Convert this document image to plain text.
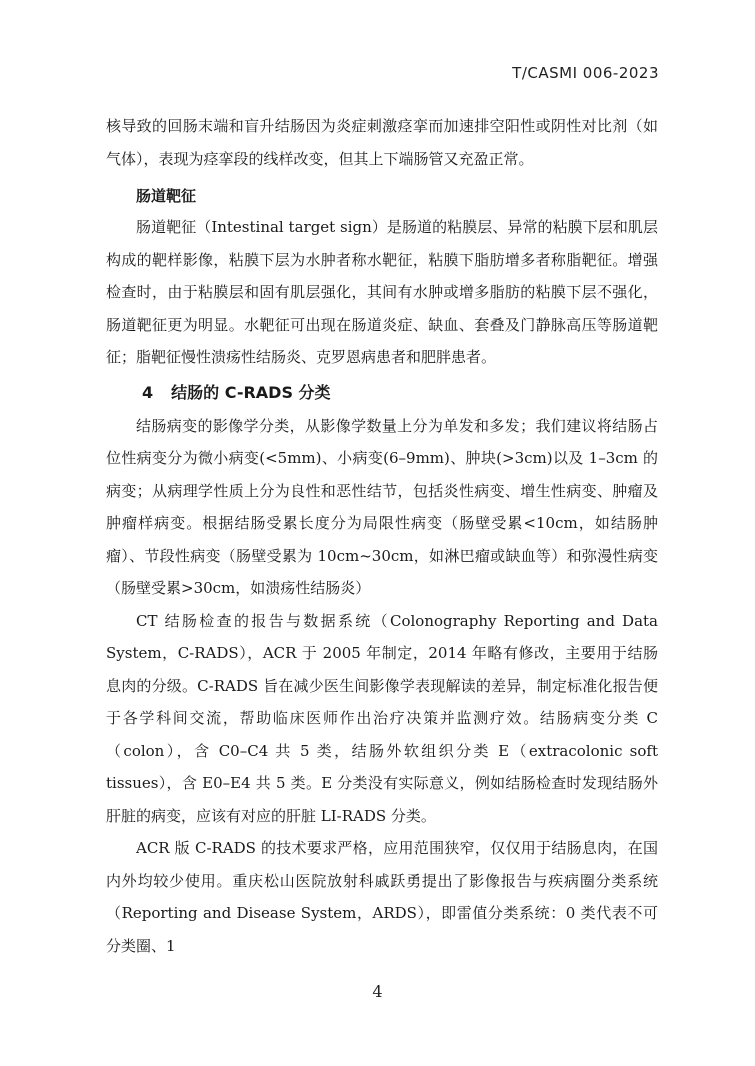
T/CASMI 006-2023

核导致的回肠末端和盲升结肠因为炎症刺激痉挛而加速排空阳性或阴性对比剂（如气体），表现为痉挛段的线样改变，但其上下端肠管又充盈正常。

肠道靶征

肠道靶征（Intestinal target sign）是肠道的粘膜层、异常的粘膜下层和肌层构成的靶样影像，粘膜下层为水肿者称水靶征，粘膜下脂肪增多者称脂靶征。增强检查时，由于粘膜层和固有肌层强化，其间有水肿或增多脂肪的粘膜下层不强化，肠道靶征更为明显。水靶征可出现在肠道炎症、缺血、套叠及门静脉高压等肠道靶征；脂靶征慢性溃疡性结肠炎、克罗恩病患者和肥胖患者。

4 结肠的 C-RADS 分类

结肠病变的影像学分类，从影像学数量上分为单发和多发；我们建议将结肠占位性病变分为微小病变(<5mm)、小病变(6–9mm)、肿块(>3cm)以及 1–3cm 的病变；从病理学性质上分为良性和恶性结节，包括炎性病变、增生性病变、肿瘤及肿瘤样病变。根据结肠受累长度分为局限性病变（肠壁受累<10cm，如结肠肿瘤）、节段性病变（肠壁受累为 10cm~30cm，如淋巴瘤或缺血等）和弥漫性病变（肠壁受累>30cm，如溃疡性结肠炎）

CT 结肠检查的报告与数据系统（Colonography Reporting and Data System，C-RADS），ACR 于 2005 年制定，2014 年略有修改，主要用于结肠息肉的分级。C-RADS 旨在减少医生间影像学表现解读的差异，制定标准化报告便于各学科间交流，帮助临床医师作出治疗决策并监测疗效。结肠病变分类 C（colon），含 C0–C4 共 5 类，结肠外软组织分类 E（extracolonic soft tissues），含 E0–E4 共 5 类。E 分类没有实际意义，例如结肠检查时发现结肠外肝脏的病变，应该有对应的肝脏 LI-RADS 分类。

ACR 版 C-RADS 的技术要求严格，应用范围狭窄，仅仅用于结肠息肉，在国内外均较少使用。重庆松山医院放射科戚跃勇提出了影像报告与疾病圈分类系统（Reporting and Disease System，ARDS），即雷值分类系统：0 类代表不可分类圈、1

4
